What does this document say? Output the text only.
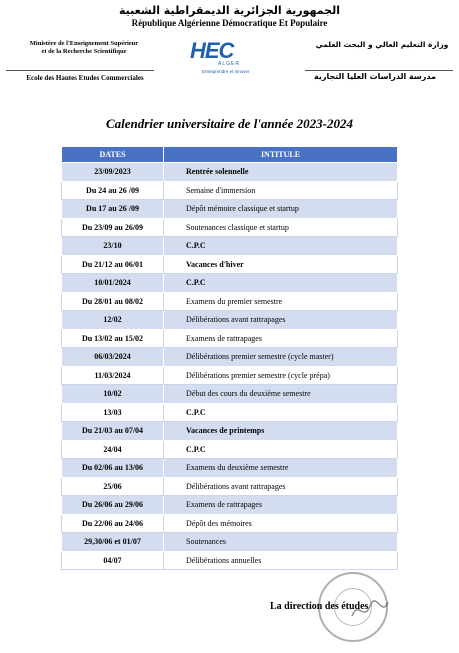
الجمهورية الجزائرية الديمقراطية الشعبية
République Algérienne Démocratique Et Populaire
Ministère de l'Enseignement Supérieur
et de la Recherche Scientifique	HEC
ALGER
Entreprendre et Innover
وزارة التعليم العالي و البحث العلمي
Ecole des Hautes Etudes Commerciales	مدرسة الدراسات العليا التجارية
Calendrier universitaire de l'année 2023-2024
DATES	INTITULE
23/09/2023	Rentrée solennelle
Du 24 au 26 /09	Semaine d'immersion
Du 17 au 26 /09	Dépôt mémoire classique et startup
Du 23/09 au 26/09	Soutenances classique et startup
23/10	C.P.C
Du 21/12 au 06/01	Vacances d'hiver
10/01/2024	C.P.C
Du 28/01 au 08/02	Examens du premier semestre
12/02	Délibérations avant rattrapages
Du 13/02 au 15/02	Examens de rattrapages
06/03/2024	Délibérations premier semestre (cycle master)
11/03/2024	Délibérations premier semestre (cycle prépa)
10/02	Début des cours du deuxième semestre
13/03	C.P.C
Du 21/03 au 07/04	Vacances de printemps
24/04	C.P.C
Du 02/06 au 13/06	Examens du deuxième semestre
25/06	Délibérations avant rattrapages
Du 26/06 au 29/06	Examens de rattrapages
Du 22/06 au 24/06	Dépôt des mémoires
29,30/06 et 01/07	Soutenances
04/07	Délibérations annuelles
La direction des études
